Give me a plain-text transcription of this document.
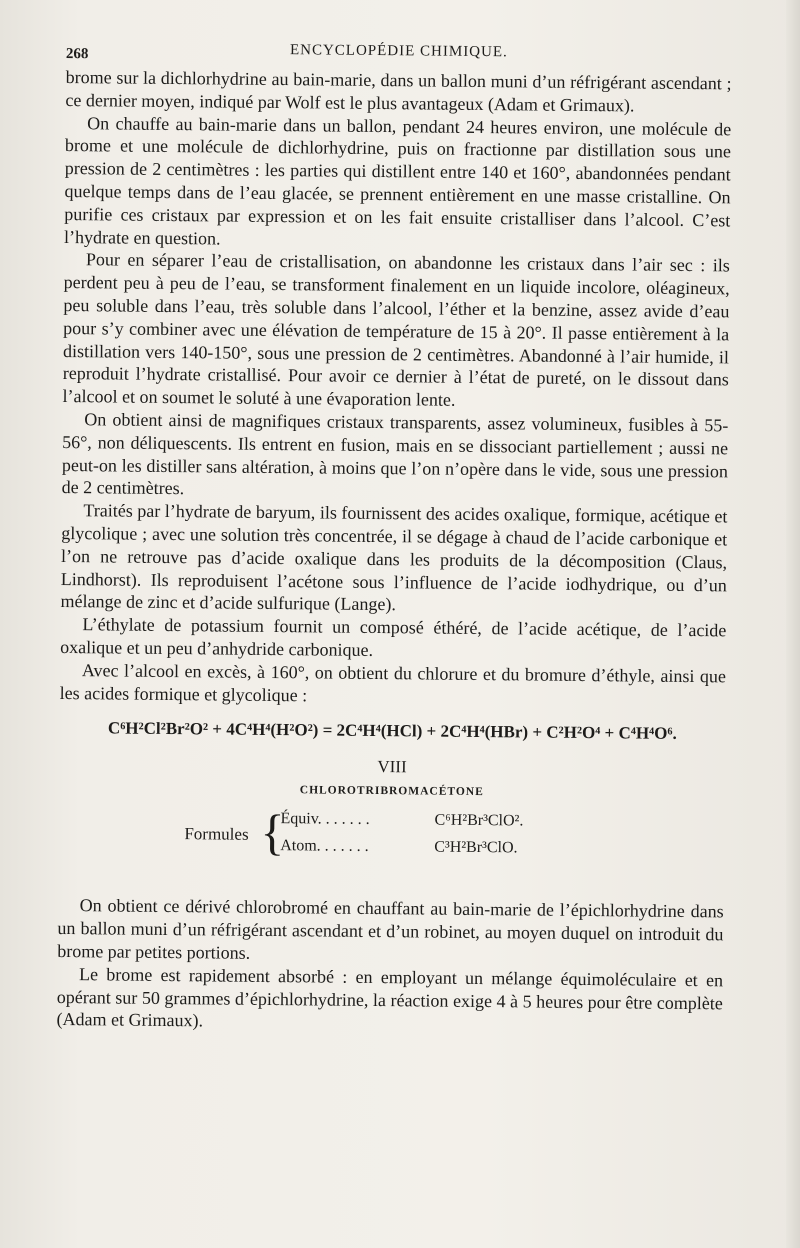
268	ENCYCLOPÉDIE CHIMIQUE.

brome sur la dichlorhydrine au bain-marie, dans un ballon muni d’un réfrigérant ascendant ; ce dernier moyen, indiqué par Wolf est le plus avantageux (Adam et Grimaux).

On chauffe au bain-marie dans un ballon, pendant 24 heures environ, une molécule de brome et une molécule de dichlorhydrine, puis on fractionne par distillation sous une pression de 2 centimètres : les parties qui distillent entre 140 et 160°, abandonnées pendant quelque temps dans de l’eau glacée, se prennent entièrement en une masse cristalline. On purifie ces cristaux par expression et on les fait ensuite cristalliser dans l’alcool. C’est l’hydrate en question.

Pour en séparer l’eau de cristallisation, on abandonne les cristaux dans l’air sec : ils perdent peu à peu de l’eau, se transforment finalement en un liquide incolore, oléagineux, peu soluble dans l’eau, très soluble dans l’alcool, l’éther et la benzine, assez avide d’eau pour s’y combiner avec une élévation de température de 15 à 20°. Il passe entièrement à la distillation vers 140-150°, sous une pression de 2 centimètres. Abandonné à l’air humide, il reproduit l’hydrate cristallisé. Pour avoir ce dernier à l’état de pureté, on le dissout dans l’alcool et on soumet le soluté à une évaporation lente.

On obtient ainsi de magnifiques cristaux transparents, assez volumineux, fusibles à 55-56°, non déliquescents. Ils entrent en fusion, mais en se dissociant partiellement ; aussi ne peut-on les distiller sans altération, à moins que l’on n’opère dans le vide, sous une pression de 2 centimètres.

Traités par l’hydrate de baryum, ils fournissent des acides oxalique, formique, acétique et glycolique ; avec une solution très concentrée, il se dégage à chaud de l’acide carbonique et l’on ne retrouve pas d’acide oxalique dans les produits de la décomposition (Claus, Lindhorst). Ils reproduisent l’acétone sous l’influence de l’acide iodhydrique, ou d’un mélange de zinc et d’acide sulfurique (Lange).

L’éthylate de potassium fournit un composé éthéré, de l’acide acétique, de l’acide oxalique et un peu d’anhydride carbonique.

Avec l’alcool en excès, à 160°, on obtient du chlorure et du bromure d’éthyle, ainsi que les acides formique et glycolique :

C⁶H²Cl²Br²O² + 4C⁴H⁴(H²O²) = 2C⁴H⁴(HCl) + 2C⁴H⁴(HBr) + C²H²O⁴ + C⁴H⁴O⁶.
VIII
CHLOROTRIBROMACÉTONE
Formules {
Équiv. . . . . . .	C⁶H²Br³ClO².
Atom. . . . . . .	C³H²Br³ClO.

On obtient ce dérivé chlorobromé en chauffant au bain-marie de l’épichlorhydrine dans un ballon muni d’un réfrigérant ascendant et d’un robinet, au moyen duquel on introduit du brome par petites portions.

Le brome est rapidement absorbé : en employant un mélange équimoléculaire et en opérant sur 50 grammes d’épichlorhydrine, la réaction exige 4 à 5 heures pour être complète (Adam et Grimaux).
